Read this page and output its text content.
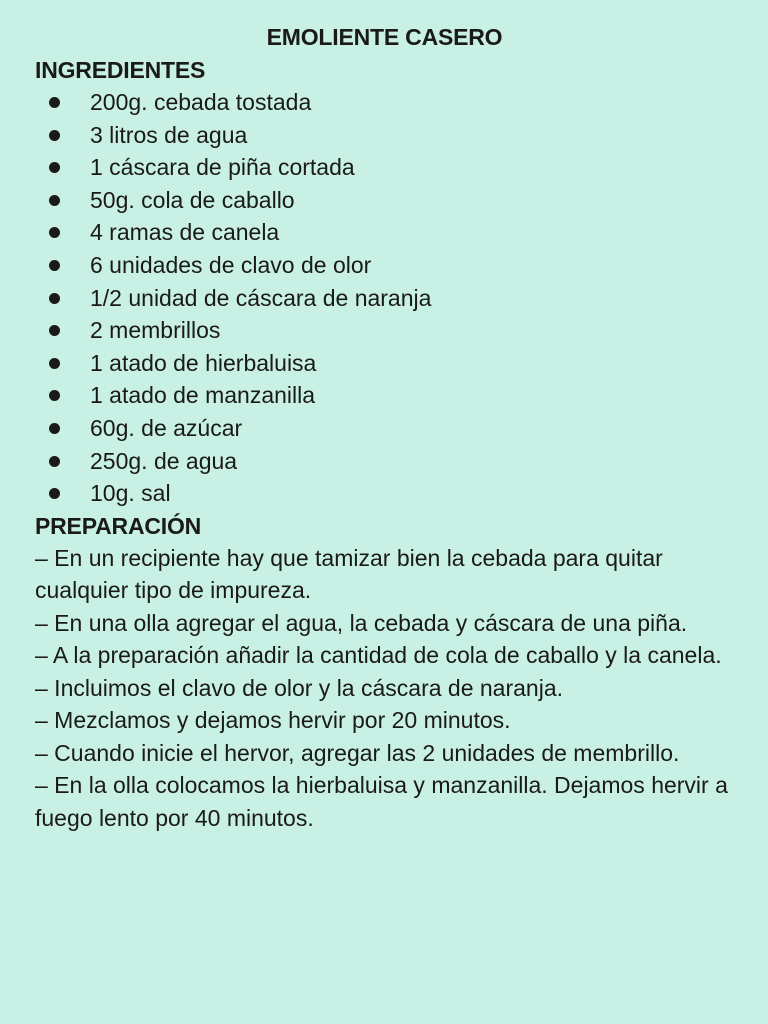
EMOLIENTE CASERO
INGREDIENTES
200g. cebada tostada
3 litros de agua
1 cáscara de piña cortada
50g. cola de caballo
4 ramas de canela
6 unidades de clavo de olor
1/2 unidad de cáscara de naranja
2 membrillos
1 atado de hierbaluisa
1 atado de manzanilla
60g. de azúcar
250g. de agua
10g. sal
PREPARACIÓN

– En un recipiente hay que tamizar bien la cebada para quitar cualquier tipo de impureza.

– En una olla agregar el agua, la cebada y cáscara de una piña.

– A la preparación añadir la cantidad de cola de caballo y la canela.

– Incluimos el clavo de olor y la cáscara de naranja.

– Mezclamos y dejamos hervir por 20 minutos.

– Cuando inicie el hervor, agregar las 2 unidades de membrillo.

– En la olla colocamos la hierbaluisa y manzanilla. Dejamos hervir a fuego lento por 40 minutos.
